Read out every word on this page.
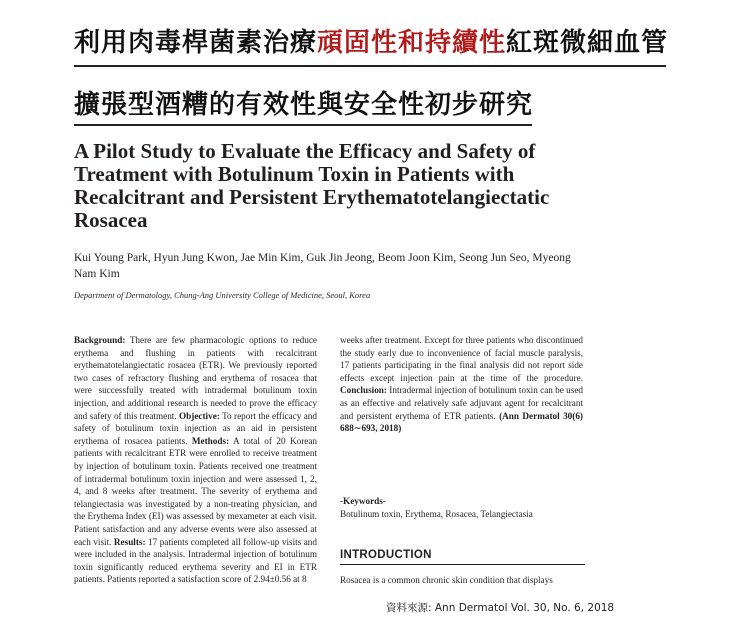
利用肉毒桿菌素治療頑固性和持續性紅斑微細血管
擴張型酒糟的有效性與安全性初步研究
A Pilot Study to Evaluate the Efficacy and Safety of
Treatment with Botulinum Toxin in Patients with
Recalcitrant and Persistent Erythematotelangiectatic
Rosacea
Kui Young Park, Hyun Jung Kwon, Jae Min Kim, Guk Jin Jeong, Beom Joon Kim, Seong Jun Seo, Myeong Nam Kim
Department of Dermatology, Chung-Ang University College of Medicine, Seoul, Korea

Background: There are few pharmacologic options to reduce erythema and flushing in patients with recalcitrant erythematotelangiectatic rosacea (ETR). We previously reported two cases of refractory flushing and erythema of rosacea that were successfully treated with intradermal botulinum toxin injection, and additional research is needed to prove the efficacy and safety of this treatment. Objective: To report the efficacy and safety of botulinum toxin injection as an aid in persistent erythema of rosacea patients. Methods: A total of 20 Korean patients with recalcitrant ETR were enrolled to receive treatment by injection of botulinum toxin. Patients received one treatment of intradermal botulinum toxin injection and were assessed 1, 2, 4, and 8 weeks after treatment. The severity of erythema and telangiectasia was investigated by a non-treating physician, and the Erythema Index (EI) was assessed by mexameter at each visit. Patient satisfaction and any adverse events were also assessed at each visit. Results: 17 patients completed all follow-up visits and were included in the analysis. Intradermal injection of botulinum toxin significantly reduced erythema severity and EI in ETR patients. Patients reported a satisfaction score of 2.94±0.56 at 8

weeks after treatment. Except for three patients who discontinued the study early due to inconvenience of facial muscle paralysis, 17 patients participating in the final analysis did not report side effects except injection pain at the time of the procedure. Conclusion: Intradermal injection of botulinum toxin can be used as an effective and relatively safe adjuvant agent for recalcitrant and persistent erythema of ETR patients. (Ann Dermatol 30(6) 688∼693, 2018)

-Keywords-
Botulinum toxin, Erythema, Rosacea, Telangiectasia
INTRODUCTION
Rosacea is a common chronic skin condition that displays
資料來源: Ann Dermatol Vol. 30, No. 6, 2018
